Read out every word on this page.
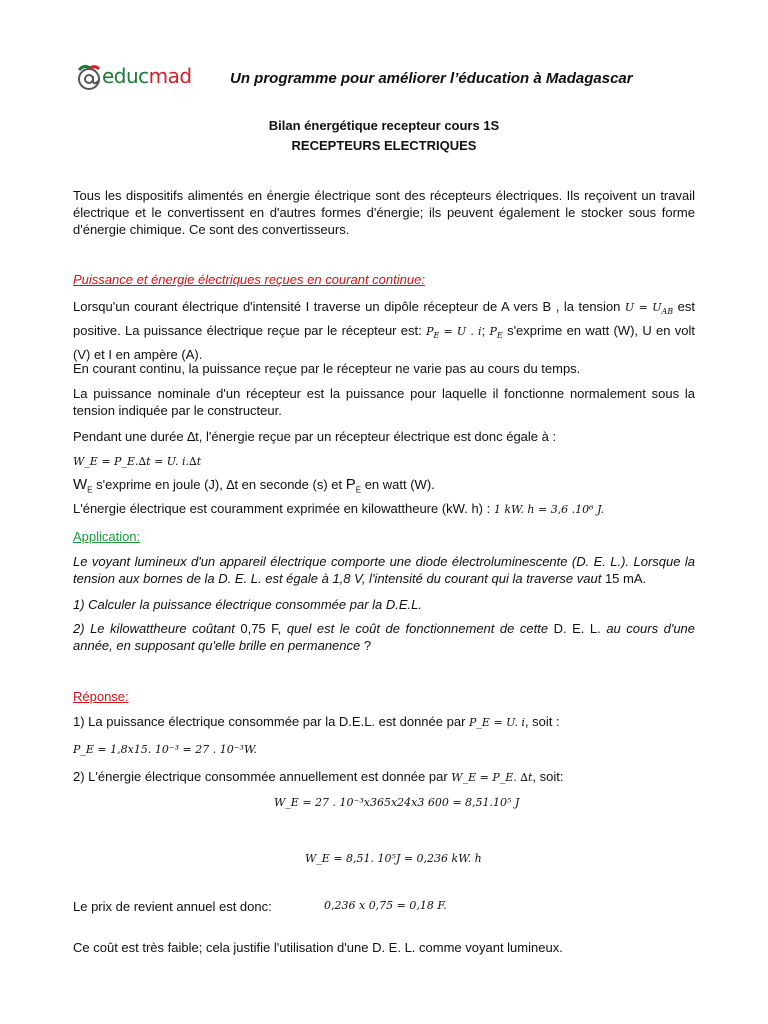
educmad	Un programme pour améliorer l’éducation à Madagascar
Bilan énergétique recepteur cours 1S
RECEPTEURS ELECTRIQUES
Tous les dispositifs alimentés en énergie électrique sont des récepteurs électriques. Ils reçoivent un travail électrique et le convertissent en d'autres formes d'énergie; ils peuvent également le stocker sous forme d'énergie chimique. Ce sont des convertisseurs.
Puissance et énergie électriques reçues en courant continue:
Lorsqu'un courant électrique d'intensité I traverse un dipôle récepteur de A vers B , la tension $U = U_{AB}$ est positive. La puissance électrique reçue par le récepteur est: $P_E = U$ . i; $P_E$ s'exprime en watt (W), U en volt (V) et I en ampère (A).
En courant continu, la puissance reçue par le récepteur ne varie pas au cours du temps.
La puissance nominale d'un récepteur est la puissance pour laquelle il fonctionne normalement sous la tension indiquée par le constructeur.
Pendant une durée ∆t, l'énergie reçue par un récepteur électrique est donc égale à :
W_E = P_E.∆t = U. i.∆t
$W_E$ s'exprime en joule (J), ∆t en seconde (s) et $P_E$ en watt (W).
L'énergie électrique est couramment exprimée en kilowattheure (kW. h) : 1 kW. h = 3,6 .10⁶ J.
Application:
Le voyant lumineux d'un appareil électrique comporte une diode électroluminescente (D. E. L.). Lorsque la tension aux bornes de la D. E. L. est égale à 1,8 V, l'intensité du courant qui la traverse vaut 15 mA.
1) Calculer la puissance électrique consommée par la D.E.L.
2) Le kilowattheure coûtant 0,75 F, quel est le coût de fonctionnement de cette D. E. L. au cours d'une année, en supposant qu'elle brille en permanence ?
Réponse:
1) La puissance électrique consommée par la D.E.L. est donnée par P_E = U. i, soit :
P_E = 1,8x15. 10⁻³ = 27 . 10⁻³W.
2) L'énergie électrique consommée annuellement est donnée par W_E = P_E. ∆t, soit:
W_E = 27 . 10⁻³x365x24x3 600 = 8,51.10⁵ J
W_E = 8,51. 10⁵J = 0,236 kW. h
Le prix de revient annuel est donc:	0,236 x 0,75 = 0,18 F.
Ce coût est très faible; cela justifie l'utilisation d'une D. E. L. comme voyant lumineux.
